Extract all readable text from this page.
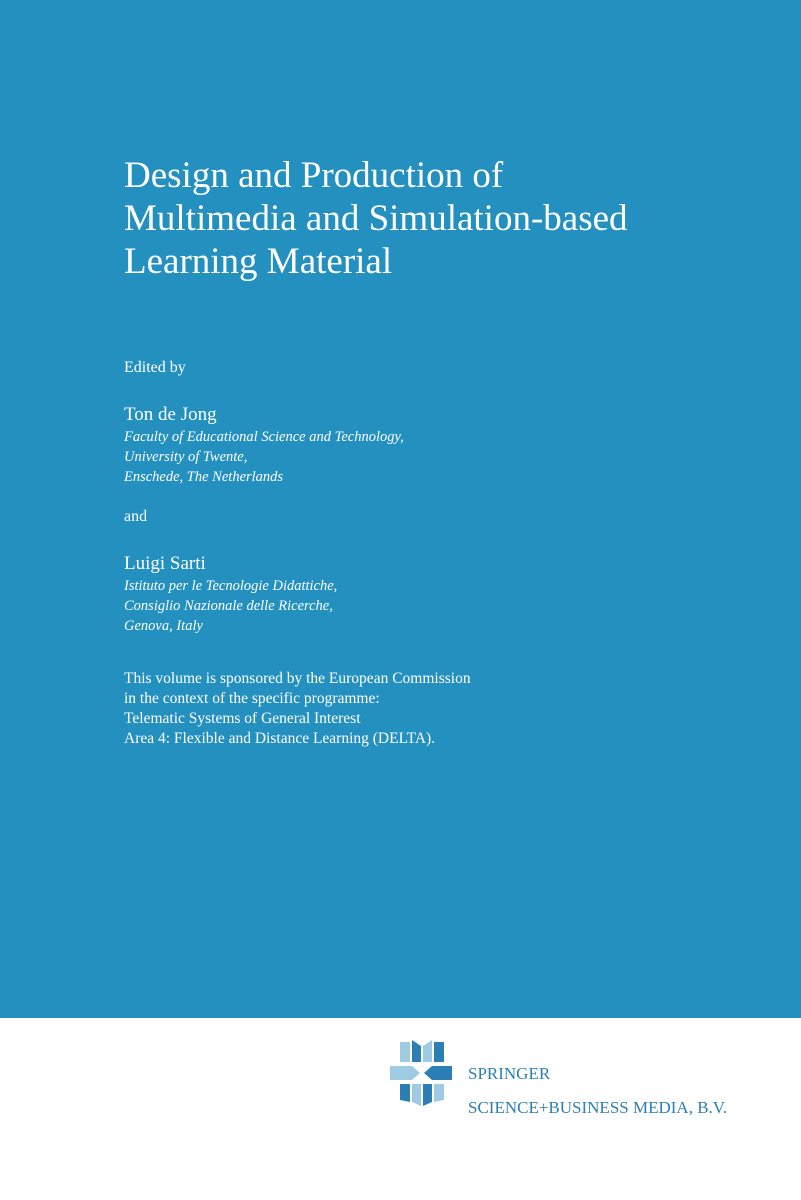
Design and Production of
Multimedia and Simulation-based
Learning Material
Edited by
Ton de Jong
Faculty of Educational Science and Technology,
University of Twente,
Enschede, The Netherlands
and
Luigi Sarti
Istituto per le Tecnologie Didattiche,
Consiglio Nazionale delle Ricerche,
Genova, Italy
This volume is sponsored by the European Commission
in the context of the specific programme:
Telematic Systems of General Interest
Area 4: Flexible and Distance Learning (DELTA).
SPRINGER
SCIENCE+BUSINESS MEDIA, B.V.
